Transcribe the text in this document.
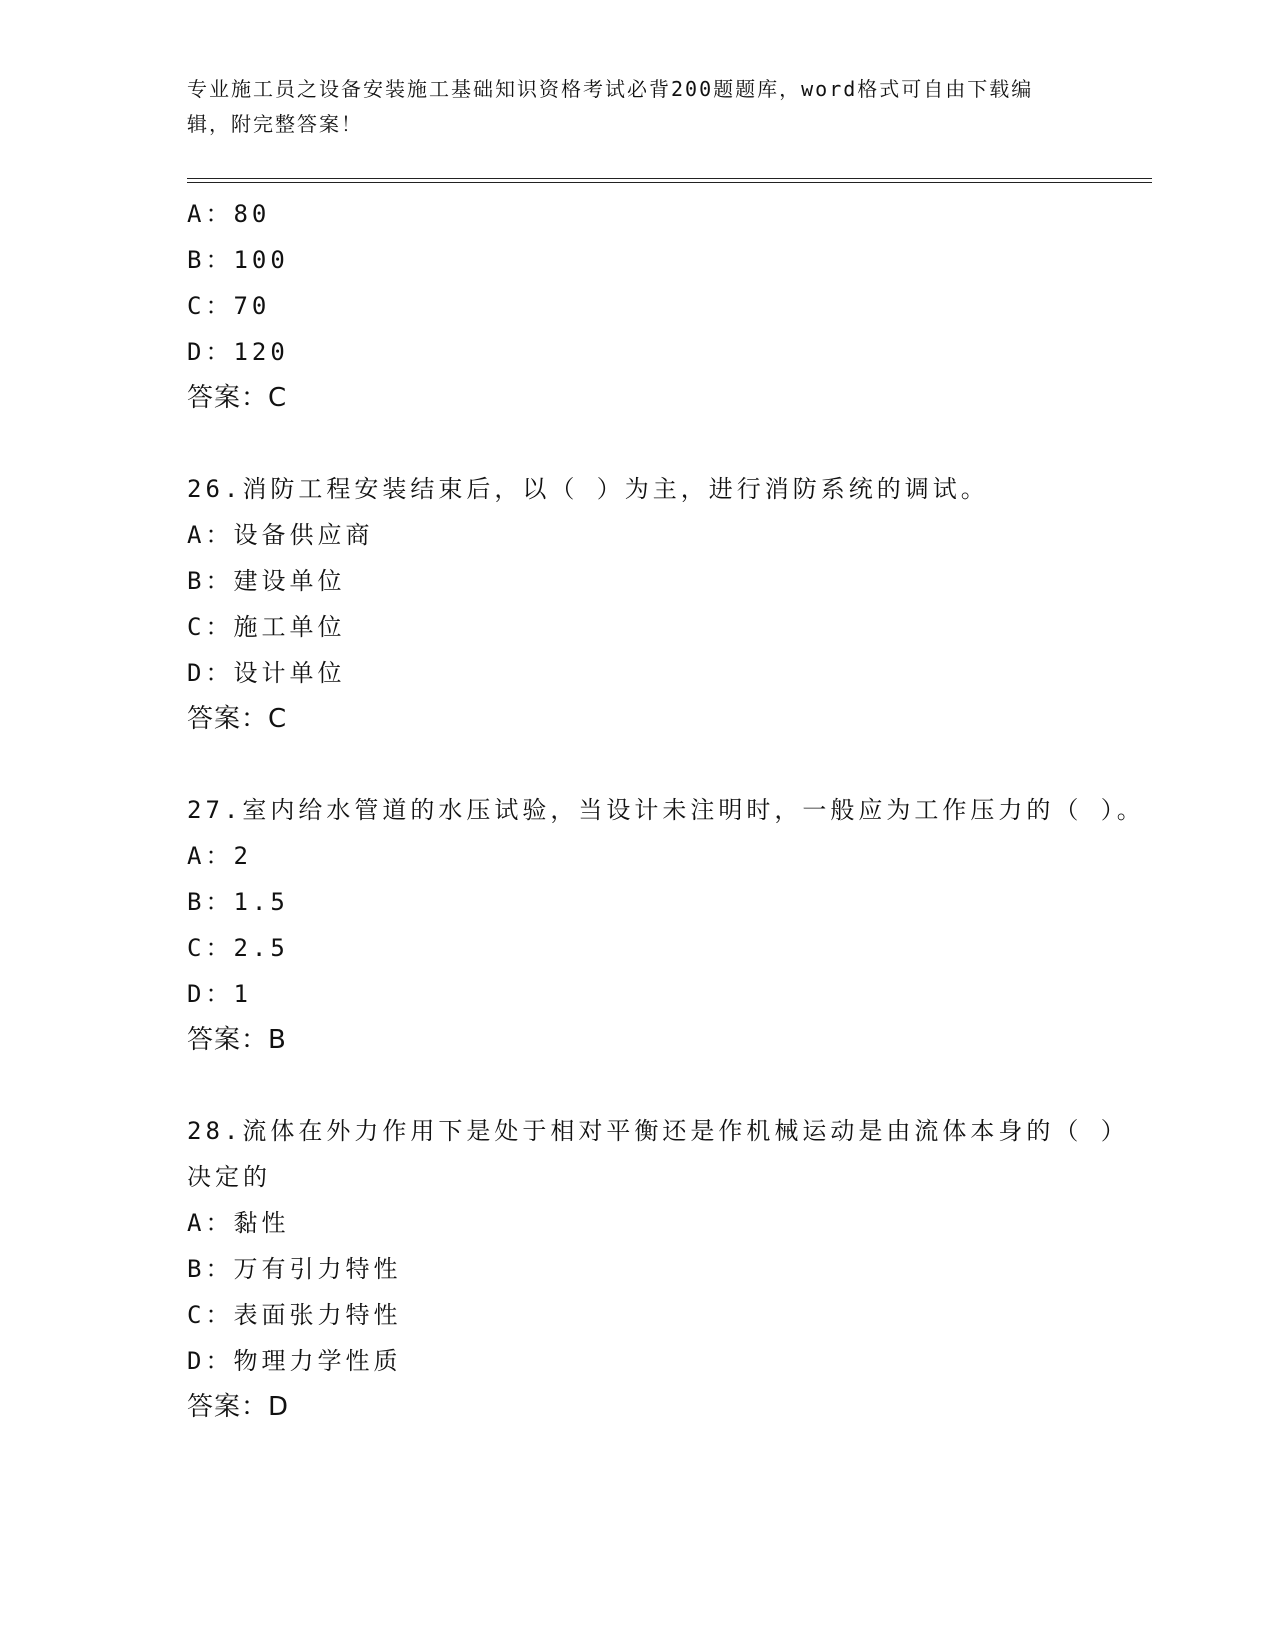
专业施工员之设备安装施工基础知识资格考试必背200题题库，word格式可自由下载编辑，附完整答案！
A：80
B：100
C：70
D：120
答案：C
26.消防工程安装结束后，以（ ）为主，进行消防系统的调试。
A：设备供应商
B：建设单位
C：施工单位
D：设计单位
答案：C
27.室内给水管道的水压试验，当设计未注明时，一般应为工作压力的（ ）。
A：2
B：1.5
C：2.5
D：1
答案：B
28.流体在外力作用下是处于相对平衡还是作机械运动是由流体本身的（ ）决定的
A：黏性
B：万有引力特性
C：表面张力特性
D：物理力学性质
答案：D
